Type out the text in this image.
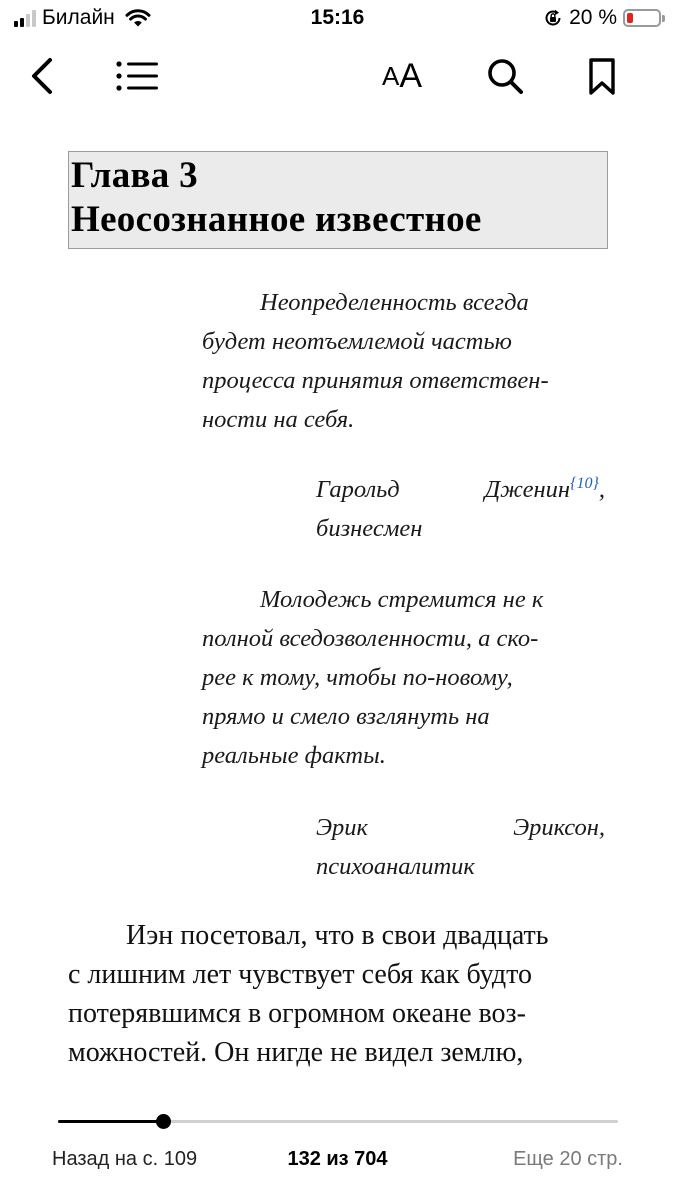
Билайн	15:16	20 %
A A
Глава 3
Неосознанное известное
Неопределенность всегда
будет неотъемлемой частью
процесса принятия ответствен-
ности на себя.
Гарольд	Дженин$^{\{10\}}$,
бизнесмен
Молодежь стремится не к
полной вседозволенности, а ско-
рее к тому, чтобы по-новому,
прямо и смело взглянуть на
реальные факты.
Эрик	Эриксон,
психоаналитик
Иэн посетовал, что в свои двадцать
с лишним лет чувствует себя как будто
потерявшимся в огромном океане воз-
можностей. Он нигде не видел землю,
Назад на с. 109	132 из 704	Еще 20 стр.
